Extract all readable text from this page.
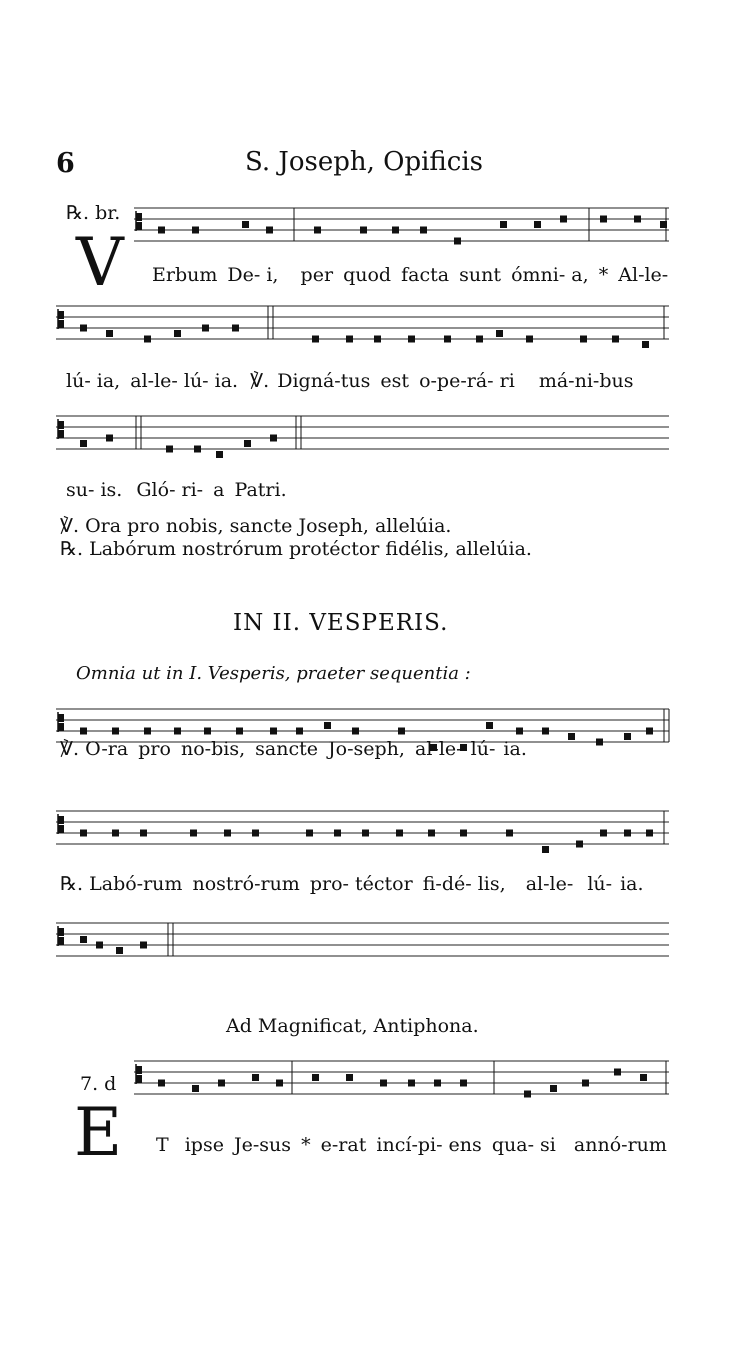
6	S. Joseph, Opificis
℞. br.
V Erbum De- i, per quod facta sunt ómni- a, * Al-le-
lú- ia, al-le- lú- ia. ℣. Digná-tus est o-pe-rá- ri má-ni-bus
su- is. Gló- ri- a Patri.
℣. Ora pro nobis, sancte Joseph, allelúia.
℞. Labórum nostrórum protéctor fidélis, allelúia.
IN II. VESPERIS.
Omnia ut in I. Vesperis, praeter sequentia :
℣. O-ra pro no-bis, sancte Jo-seph, al-le- lú- ia.
℞. Labó-rum nostró-rum pro- téctor fi-dé- lis, al-le- lú- ia.
Ad Magnificat, Antiphona.
7. d
E T ipse Je-sus * e-rat incí-pi- ens qua- si annó-rum
